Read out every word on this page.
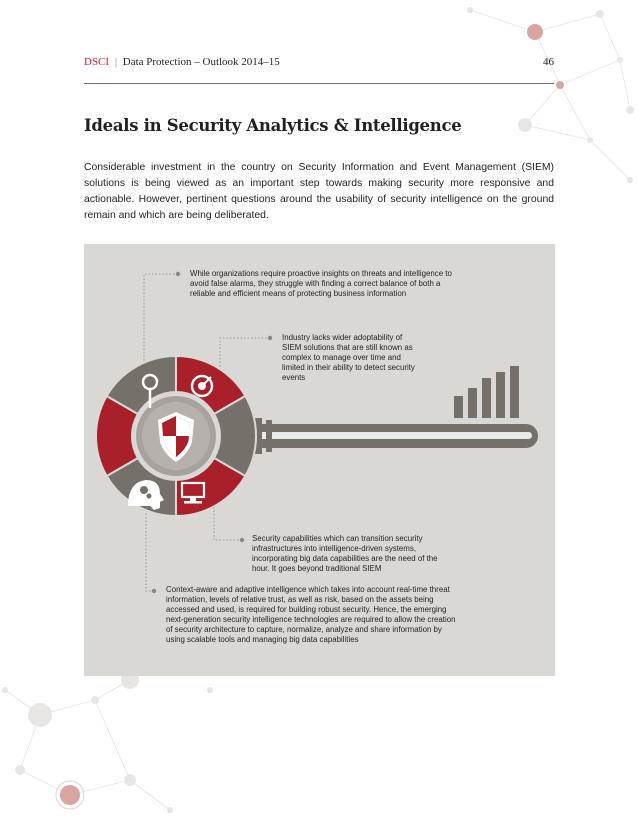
DSCI | Data Protection – Outlook 2014–15	46
Ideals in Security Analytics & Intelligence

Considerable investment in the country on Security Information and Event Management (SIEM) solutions is being viewed as an important step towards making security more responsive and actionable. However, pertinent questions around the usability of security intelligence on the ground remain and which are being deliberated.

While organizations require proactive insights on threats and intelligence to avoid false alarms, they struggle with finding a correct balance of both a reliable and efficient means of protecting business information

Industry lacks wider adoptability of SIEM solutions that are still known as complex to manage over time and limited in their ability to detect security events

Security capabilities which can transition security infrastructures into intelligence-driven systems, incorporating big data capabilities are the need of the hour. It goes beyond traditional SIEM

Context-aware and adaptive intelligence which takes into account real-time threat information, levels of relative trust, as well as risk, based on the assets being accessed and used, is required for building robust security. Hence, the emerging next-generation security intelligence technologies are required to allow the creation of security architecture to capture, normalize, analyze and share information by using scalable tools and managing big data capabilities
